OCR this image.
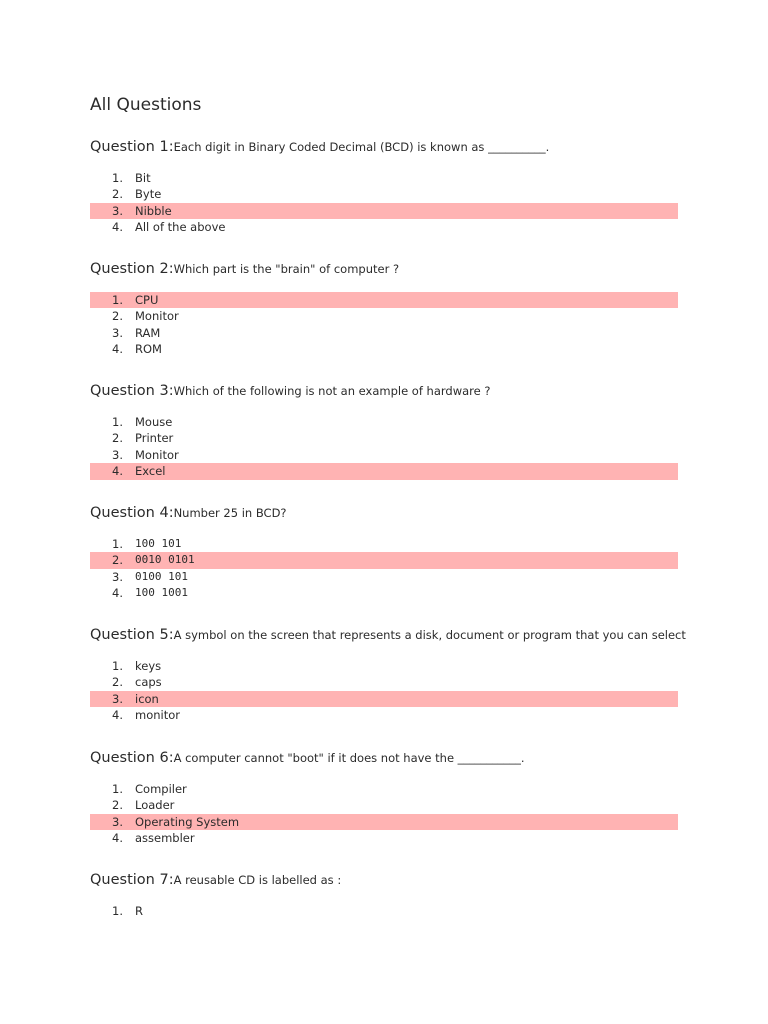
All Questions
Question 1:Each digit in Binary Coded Decimal (BCD) is known as __________.
1. Bit
2. Byte
3. Nibble
4. All of the above
Question 2:Which part is the "brain" of computer ?
1. CPU
2. Monitor
3. RAM
4. ROM
Question 3:Which of the following is not an example of hardware ?
1. Mouse
2. Printer
3. Monitor
4. Excel
Question 4:Number 25 in BCD?
1. 100 101
2. 0010 0101
3. 0100 101
4. 100 1001
Question 5:A symbol on the screen that represents a disk, document or program that you can select
1. keys
2. caps
3. icon
4. monitor
Question 6:A computer cannot "boot" if it does not have the ___________.
1. Compiler
2. Loader
3. Operating System
4. assembler
Question 7:A reusable CD is labelled as :
1. R
